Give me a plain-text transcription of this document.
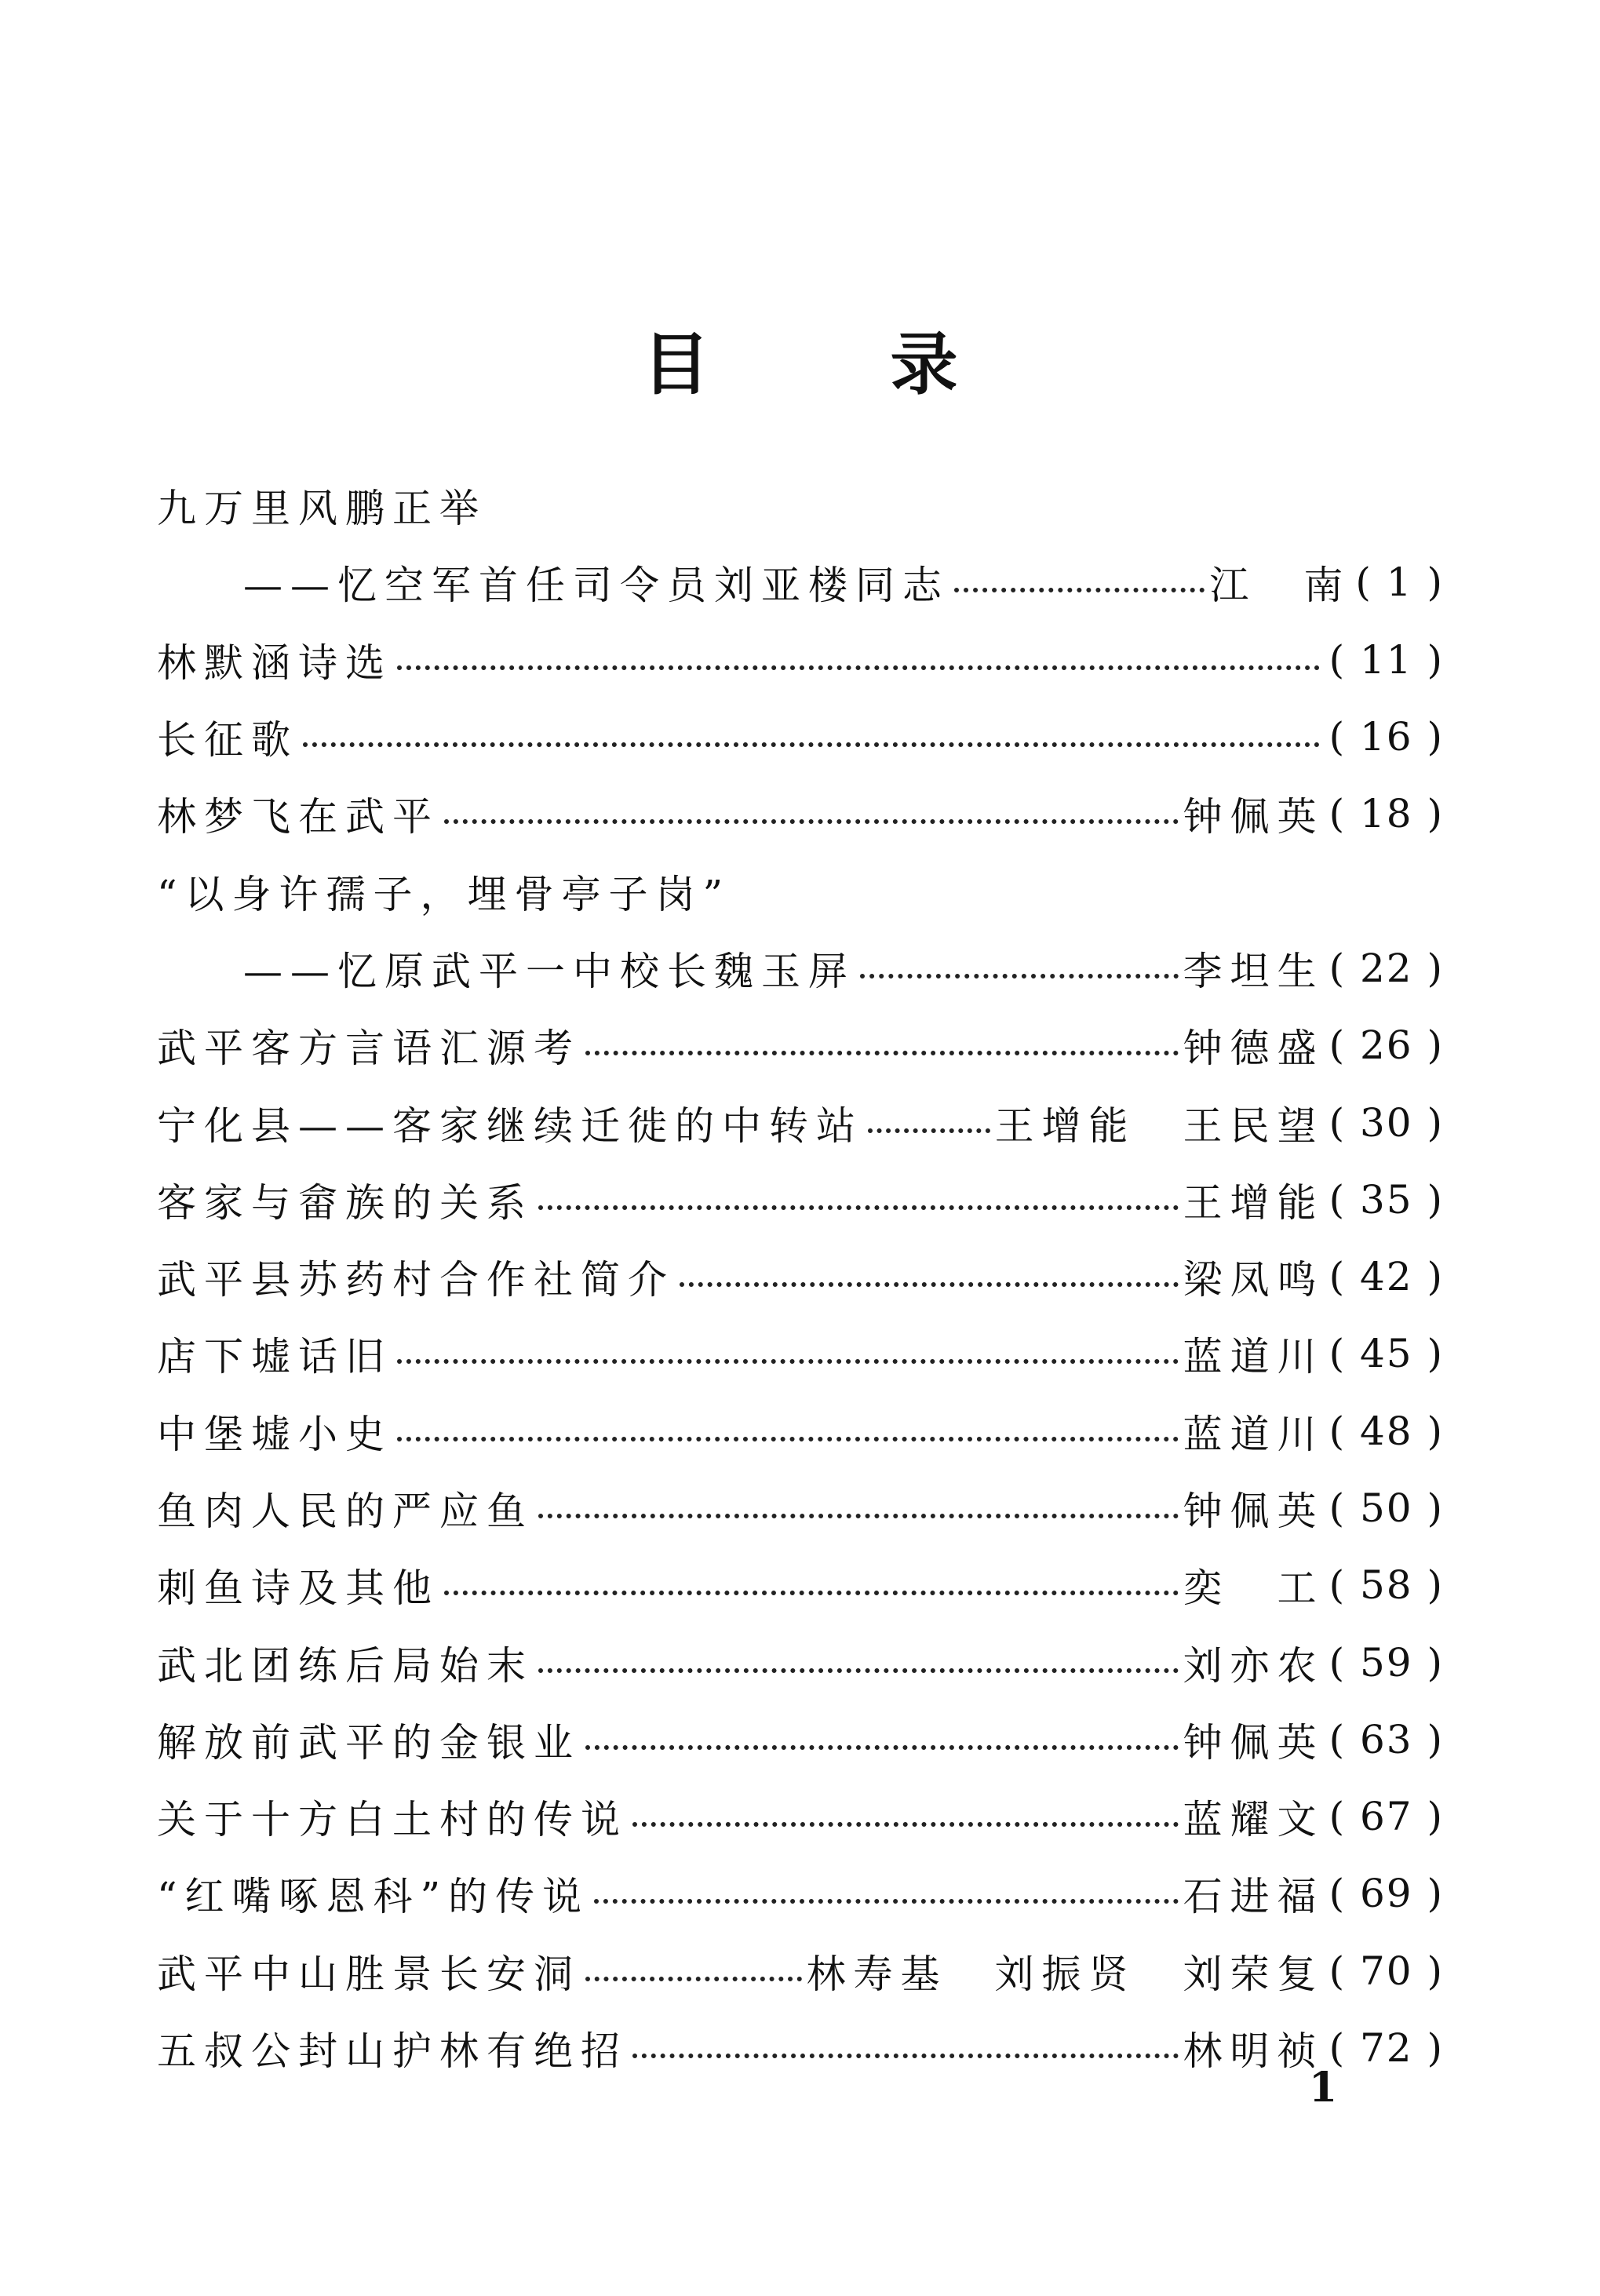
目	录
九万里风鹏正举
——忆空军首任司令员刘亚楼同志	江　南 ( 1 )
林默涵诗选	( 11 )
长征歌	( 16 )
林梦飞在武平	钟佩英 ( 18 )
“以身许孺子，埋骨亭子岗”
——忆原武平一中校长魏玉屏	李坦生 ( 22 )
武平客方言语汇源考	钟德盛 ( 26 )
宁化县——客家继续迁徙的中转站	王增能　王民望 ( 30 )
客家与畲族的关系	王增能 ( 35 )
武平县苏药村合作社简介	梁凤鸣 ( 42 )
店下墟话旧	蓝道川 ( 45 )
中堡墟小史	蓝道川 ( 48 )
鱼肉人民的严应鱼	钟佩英 ( 50 )
刺鱼诗及其他	奕　工 ( 58 )
武北团练后局始末	刘亦农 ( 59 )
解放前武平的金银业	钟佩英 ( 63 )
关于十方白土村的传说	蓝耀文 ( 67 )
“红嘴啄恩科”的传说	石进福 ( 69 )
武平中山胜景长安洞	林寿基　刘振贤　刘荣复 ( 70 )
五叔公封山护林有绝招	林明祯 ( 72 )
1
